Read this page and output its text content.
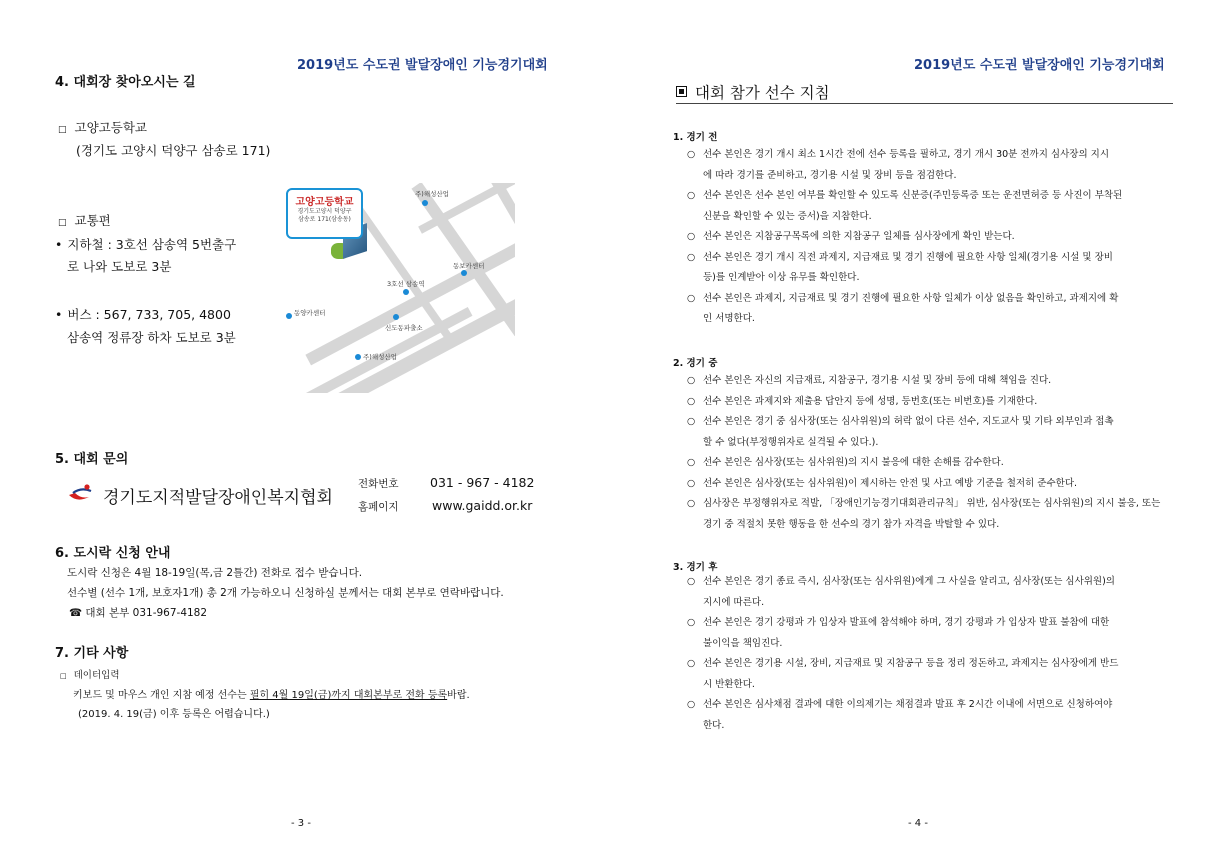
2019년도 수도권 발달장애인 기능경기대회
4. 대회장 찾아오시는 길
□ 고양고등학교
(경기도 고양시 덕양구 삼송로 171)
□ 교통편
• 지하철 : 3호선 삼송역 5번출구
로 나와 도보로 3분
• 버스 : 567, 733, 705, 4800
삼송역 정류장 하차 도보로 3분
고양고등학교
경기도고양시 덕양구
삼송로 171(삼송동)
주)해성산업
동보카센터
3호선 삼송역
동양카센터
신도동파출소
주)해성산업
5. 대회 문의
경기도지적발달장애인복지협회
전화번호	031 - 967 - 4182
홈페이지	www.gaidd.or.kr
6. 도시락 신청 안내
도시락 신청은 4월 18-19일(목,금 2틀간) 전화로 접수 받습니다.
선수별 (선수 1개, 보호자1개) 총 2개 가능하오니 신청하실 분께서는 대회 본부로 연락바랍니다.
☎ 대회 본부 031-967-4182
7. 기타 사항
□ 데이터입력
키보드 및 마우스 개인 지참 예정 선수는 필히 4월 19일(금)까지 대회본부로 전화 등록바랍.
(2019. 4. 19(금) 이후 등록은 어렵습니다.)
- 3 -
2019년도 수도권 발달장애인 기능경기대회
대회 참가 선수 지침
1. 경기 전
○ 선수 본인은 경기 개시 최소 1시간 전에 선수 등록을 필하고, 경기 개시 30분 전까지 심사장의 지시
에 따라 경기를 준비하고, 경기용 시설 및 장비 등을 점검한다.
○ 선수 본인은 선수 본인 여부를 확인할 수 있도록 신분증(주민등록증 또는 운전면허증 등 사진이 부착된
신분을 확인할 수 있는 증서)을 지참한다.
○ 선수 본인은 지참공구목록에 의한 지참공구 일체를 심사장에게 확인 받는다.
○ 선수 본인은 경기 개시 직전 과제지, 지급재료 및 경기 진행에 필요한 사항 일체(경기용 시설 및 장비
등)를 인계받아 이상 유무를 확인한다.
○ 선수 본인은 과제지, 지급재료 및 경기 진행에 필요한 사항 일체가 이상 없음을 확인하고, 과제지에 확
인 서명한다.
2. 경기 중
○ 선수 본인은 자신의 지급재료, 지참공구, 경기용 시설 및 장비 등에 대해 책임을 진다.
○ 선수 본인은 과제지와 제출용 답안지 등에 성명, 등번호(또는 비번호)를 기재한다.
○ 선수 본인은 경기 중 심사장(또는 심사위원)의 허락 없이 다른 선수, 지도교사 및 기타 외부인과 접촉
할 수 없다(부정행위자로 실격될 수 있다.).
○ 선수 본인은 심사장(또는 심사위원)의 지시 불응에 대한 손해를 감수한다.
○ 선수 본인은 심사장(또는 심사위원)이 제시하는 안전 및 사고 예방 기준을 철저히 준수한다.
○ 심사장은 부정행위자로 적발, 「장애인기능경기대회관리규칙」 위반, 심사장(또는 심사위원)의 지시 불응, 또는
경기 중 적절치 못한 행동을 한 선수의 경기 참가 자격을 박탈할 수 있다.
3. 경기 후
○ 선수 본인은 경기 종료 즉시, 심사장(또는 심사위원)에게 그 사실을 알리고, 심사장(또는 심사위원)의
지시에 따른다.
○ 선수 본인은 경기 강평과 가 입상자 발표에 참석해야 하며, 경기 강평과 가 입상자 발표 불참에 대한
불이익을 책임진다.
○ 선수 본인은 경기용 시설, 장비, 지급재료 및 지참공구 등을 정리 정돈하고, 과제지는 심사장에게 반드
시 반환한다.
○ 선수 본인은 심사채점 결과에 대한 이의제기는 채점결과 발표 후 2시간 이내에 서면으로 신청하여야
한다.
- 4 -
